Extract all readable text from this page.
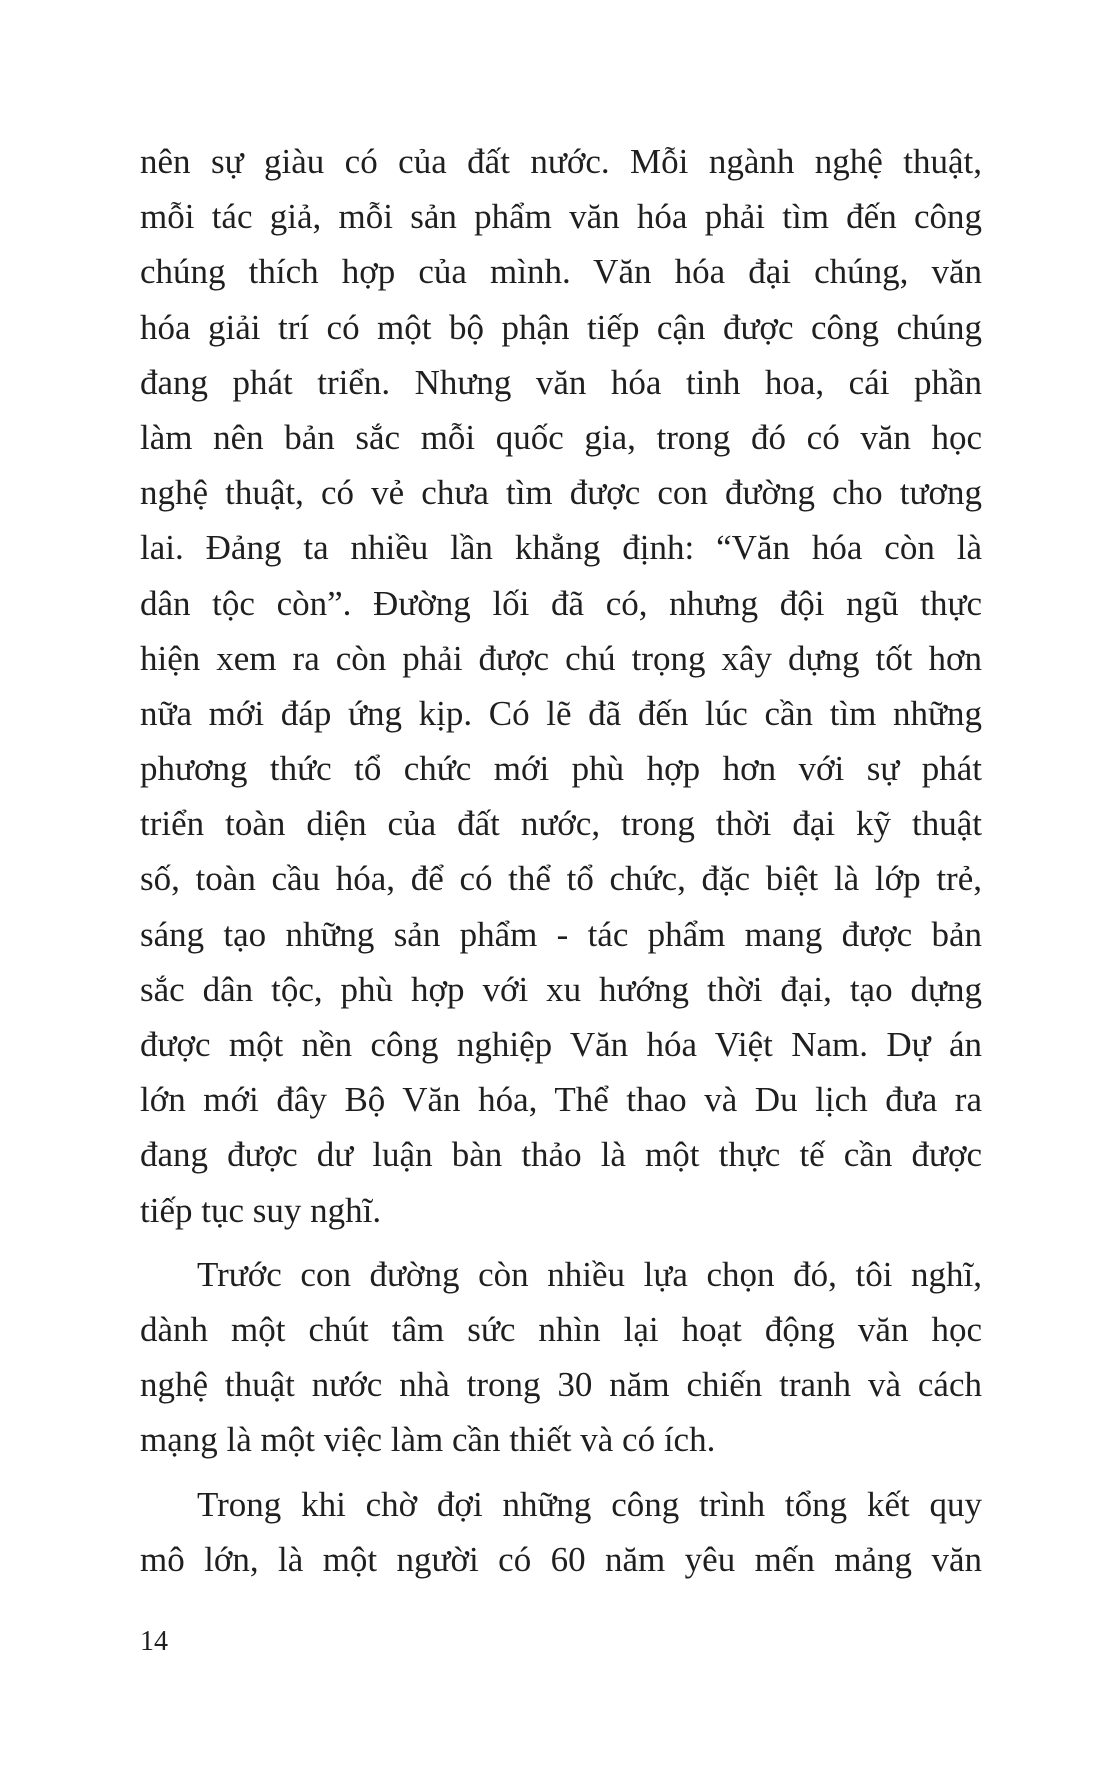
nên sự giàu có của đất nước. Mỗi ngành nghệ thuật,
mỗi tác giả, mỗi sản phẩm văn hóa phải tìm đến công
chúng thích hợp của mình. Văn hóa đại chúng, văn
hóa giải trí có một bộ phận tiếp cận được công chúng
đang phát triển. Nhưng văn hóa tinh hoa, cái phần
làm nên bản sắc mỗi quốc gia, trong đó có văn học
nghệ thuật, có vẻ chưa tìm được con đường cho tương
lai. Đảng ta nhiều lần khẳng định: “Văn hóa còn là
dân tộc còn”. Đường lối đã có, nhưng đội ngũ thực
hiện xem ra còn phải được chú trọng xây dựng tốt hơn
nữa mới đáp ứng kịp. Có lẽ đã đến lúc cần tìm những
phương thức tổ chức mới phù hợp hơn với sự phát
triển toàn diện của đất nước, trong thời đại kỹ thuật
số, toàn cầu hóa, để có thể tổ chức, đặc biệt là lớp trẻ,
sáng tạo những sản phẩm - tác phẩm mang được bản
sắc dân tộc, phù hợp với xu hướng thời đại, tạo dựng
được một nền công nghiệp Văn hóa Việt Nam. Dự án
lớn mới đây Bộ Văn hóa, Thể thao và Du lịch đưa ra
đang được dư luận bàn thảo là một thực tế cần được
tiếp tục suy nghĩ.
Trước con đường còn nhiều lựa chọn đó, tôi nghĩ,
dành một chút tâm sức nhìn lại hoạt động văn học
nghệ thuật nước nhà trong 30 năm chiến tranh và cách
mạng là một việc làm cần thiết và có ích.
Trong khi chờ đợi những công trình tổng kết quy
mô lớn, là một người có 60 năm yêu mến mảng văn
14
